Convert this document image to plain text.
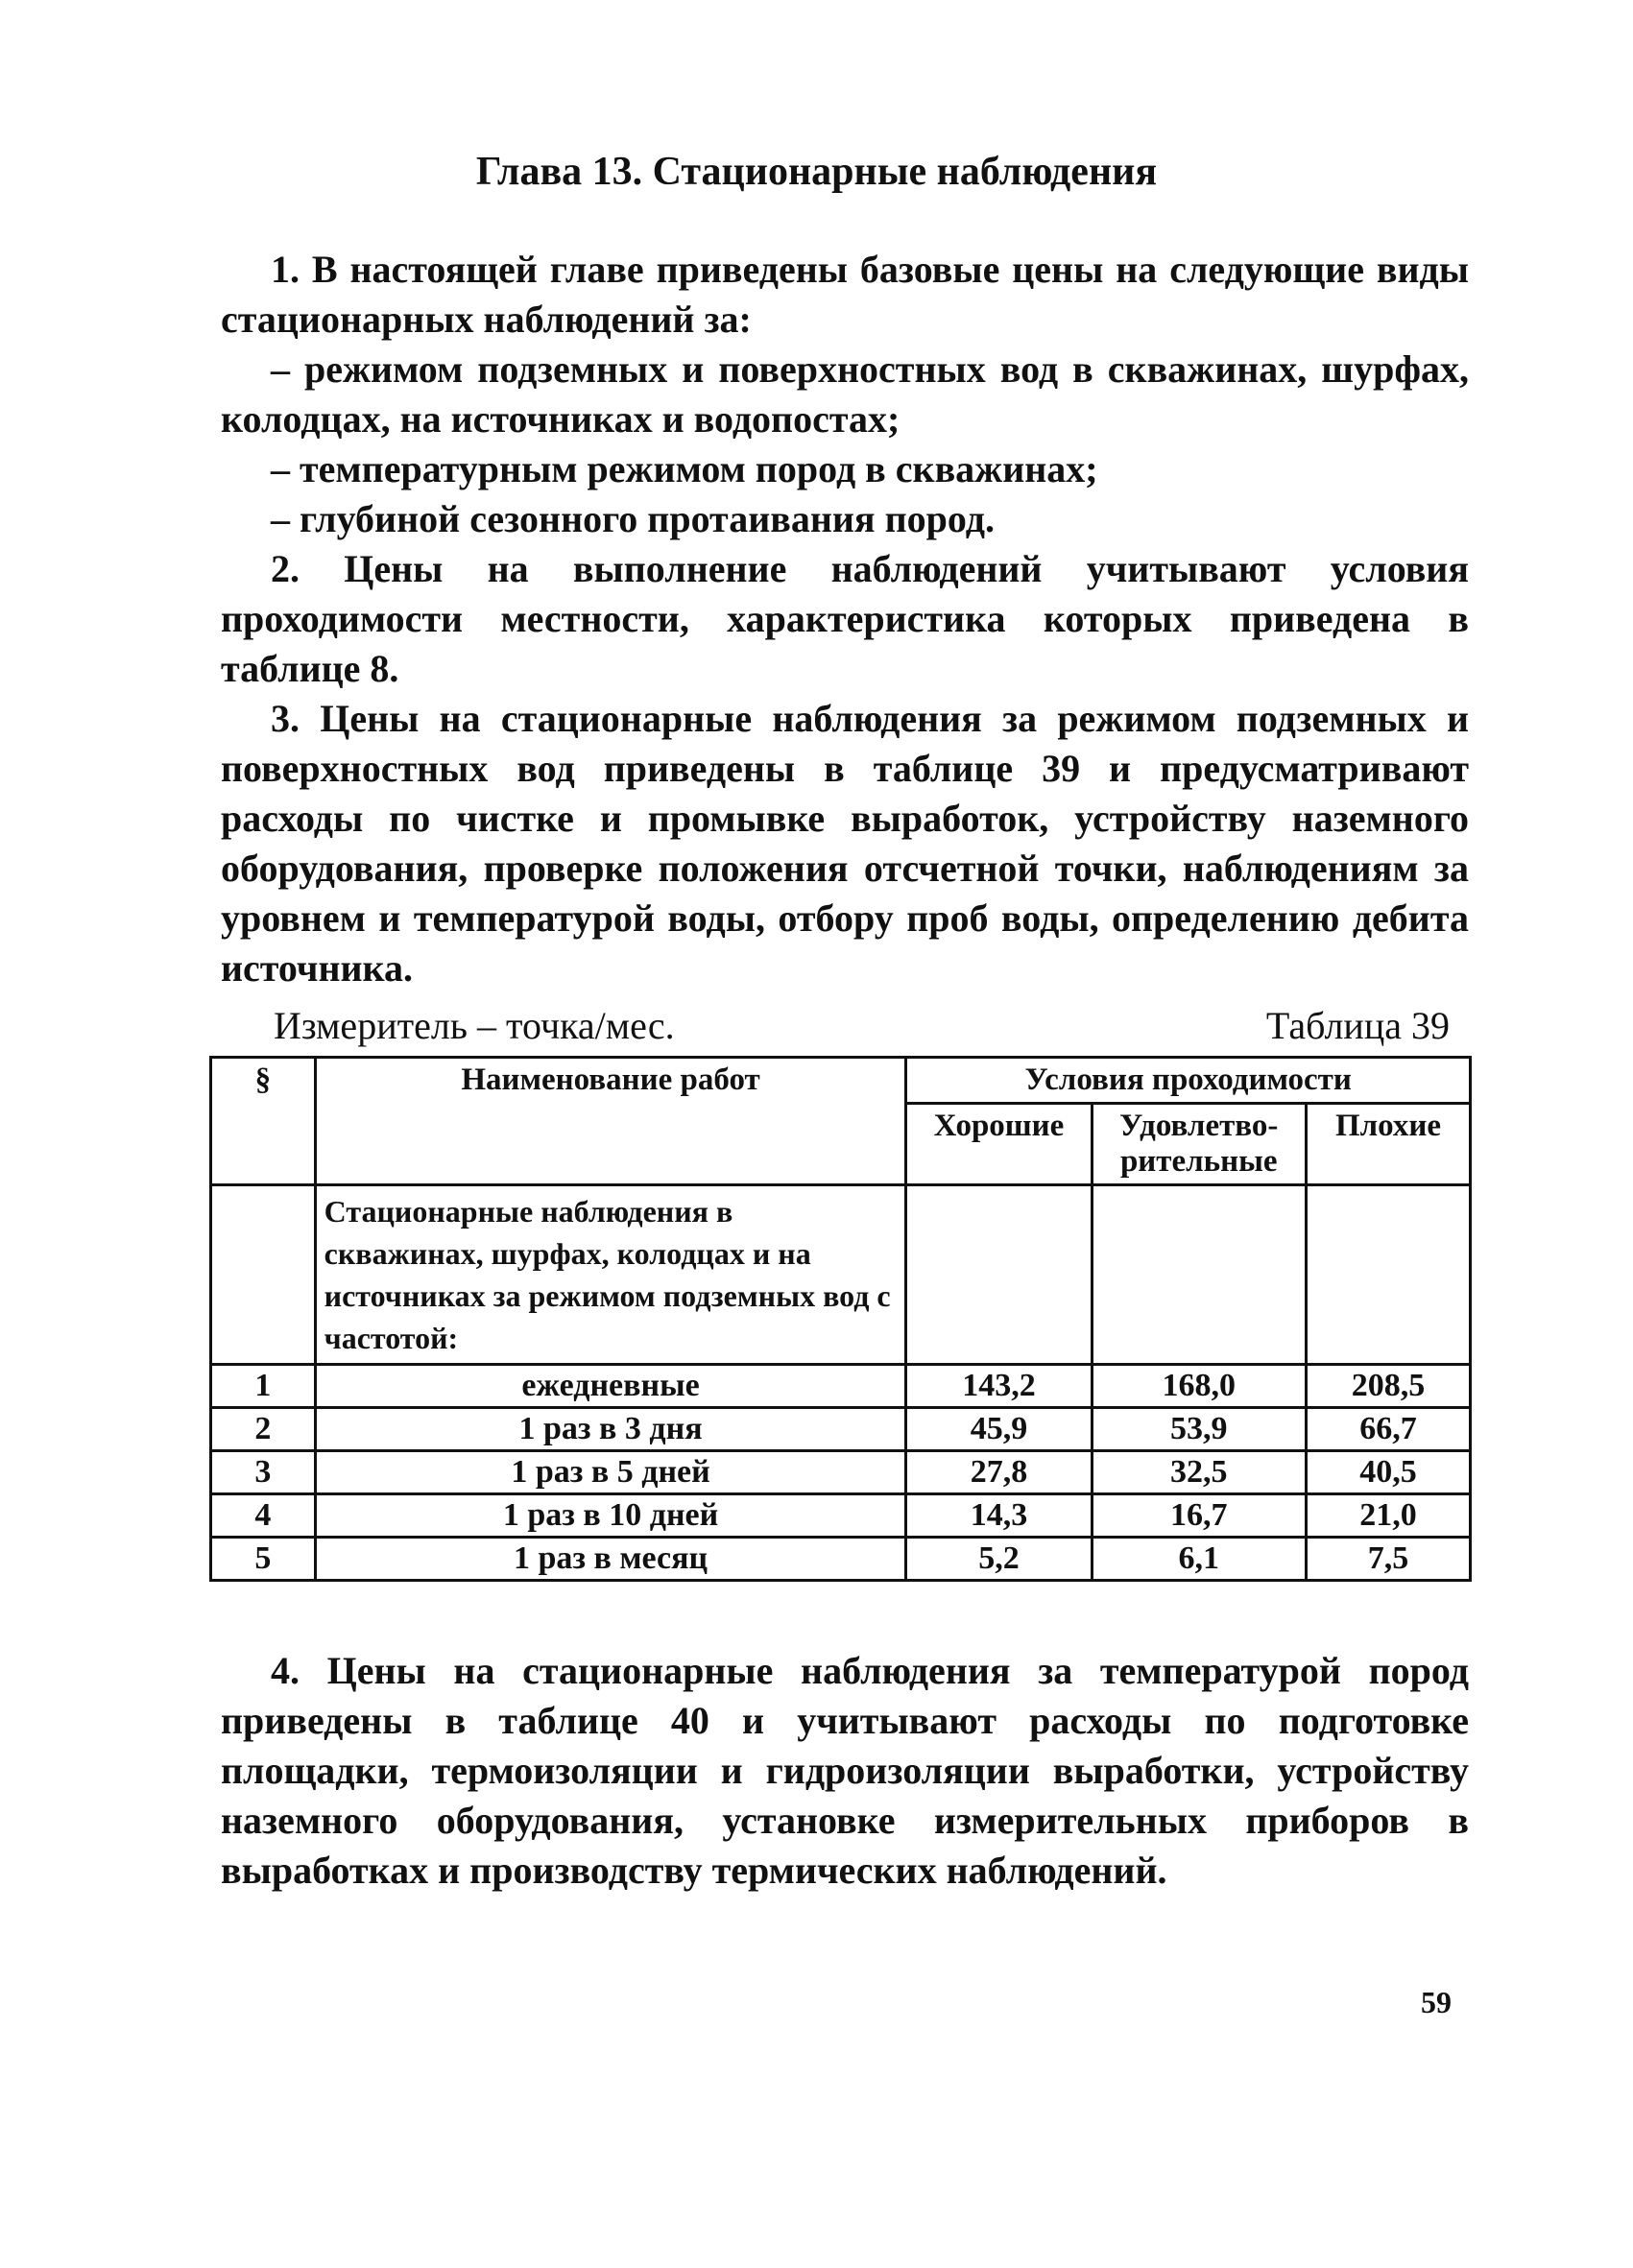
Глава 13. Стационарные наблюдения

1. В настоящей главе приведены базовые цены на следующие виды стационарных наблюдений за:

– режимом подземных и поверхностных вод в скважинах, шурфах, колодцах, на источниках и водопостах;

– температурным режимом пород в скважинах;

– глубиной сезонного протаивания пород.

2. Цены на выполнение наблюдений учитывают условия проходимости местности, характеристика которых приведена в таблице 8.

3. Цены на стационарные наблюдения за режимом подземных и поверхностных вод приведены в таблице 39 и предусматривают расходы по чистке и промывке выработок, устройству наземного оборудования, проверке положения отсчетной точки, наблюдениям за уровнем и температурой воды, отбору проб воды, определению дебита источника.

Измеритель – точка/мес.	Таблица 39
§	Наименование работ	Условия проходимости		
		Хорошие	Удовлетво-рительные	Плохие
	Стационарные наблюдения в скважинах, шурфах, колодцах и на источниках за режимом подземных вод с частотой:			
1	ежедневные	143,2	168,0	208,5
2	1 раз в 3 дня	45,9	53,9	66,7
3	1 раз в 5 дней	27,8	32,5	40,5
4	1 раз в 10 дней	14,3	16,7	21,0
5	1 раз в месяц	5,2	6,1	7,5

4. Цены на стационарные наблюдения за температурой пород приведены в таблице 40 и учитывают расходы по подготовке площадки, термоизоляции и гидроизоляции выработки, устройству наземного оборудования, установке измерительных приборов в выработках и производству термических наблюдений.

59
